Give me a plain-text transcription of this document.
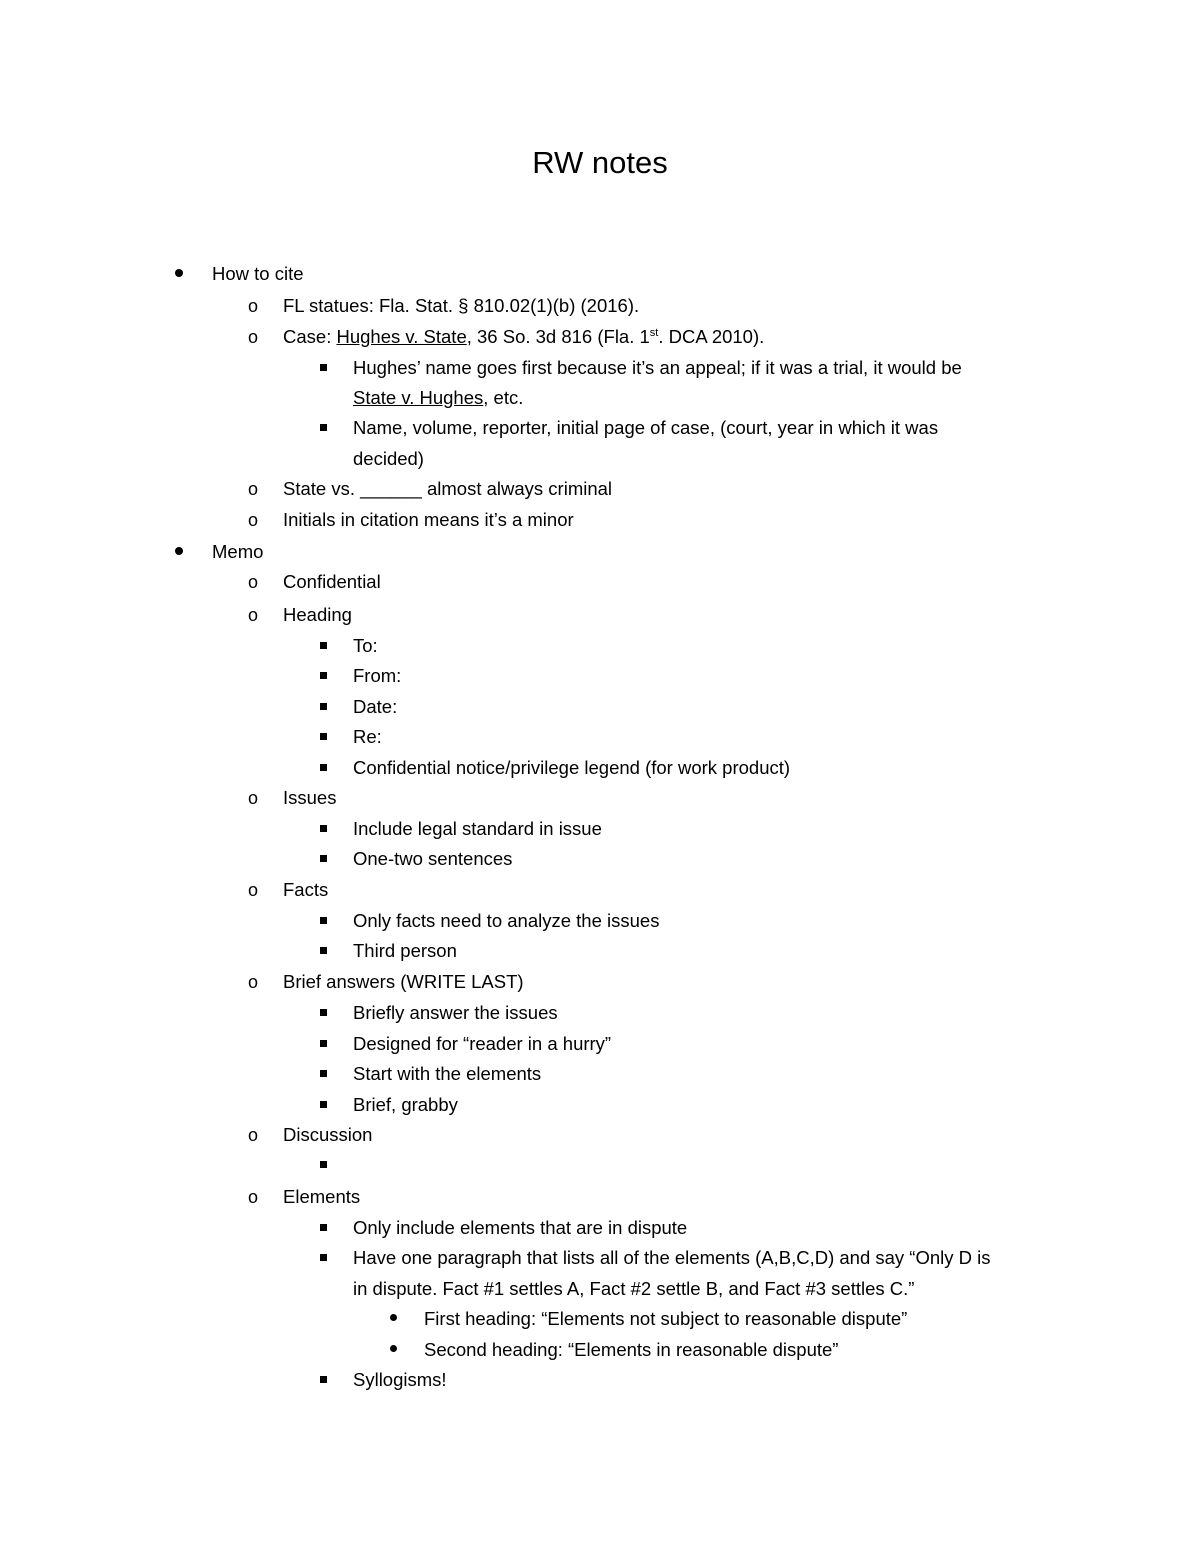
RW notes
How to cite
o FL statues: Fla. Stat. § 810.02(1)(b) (2016).
o Case: Hughes v. State, 36 So. 3d 816 (Fla. 1st. DCA 2010).
Hughes’ name goes first because it’s an appeal; if it was a trial, it would be
State v. Hughes, etc.
Name, volume, reporter, initial page of case, (court, year in which it was
decided)
o State vs. ______ almost always criminal
o Initials in citation means it’s a minor
Memo
o Confidential
o Heading
To:
From:
Date:
Re:
Confidential notice/privilege legend (for work product)
o Issues
Include legal standard in issue
One-two sentences
o Facts
Only facts need to analyze the issues
Third person
o Brief answers (WRITE LAST)
Briefly answer the issues
Designed for “reader in a hurry”
Start with the elements
Brief, grabby
o Discussion
o Elements
Only include elements that are in dispute
Have one paragraph that lists all of the elements (A,B,C,D) and say “Only D is
in dispute. Fact #1 settles A, Fact #2 settle B, and Fact #3 settles C.”
First heading: “Elements not subject to reasonable dispute”
Second heading: “Elements in reasonable dispute”
Syllogisms!
